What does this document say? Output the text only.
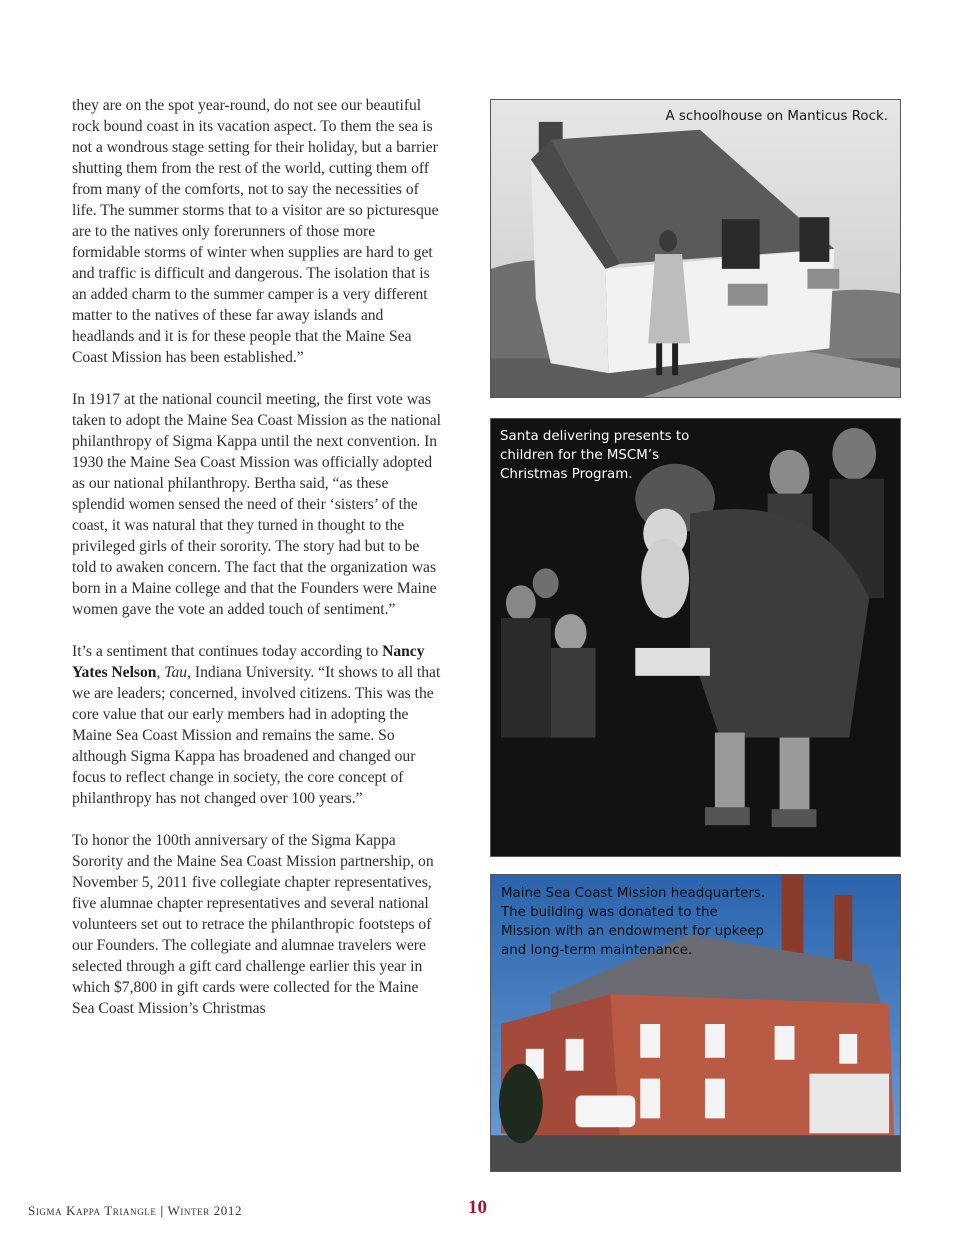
they are on the spot year-round, do not see our beautiful rock bound coast in its vacation aspect. To them the sea is not a wondrous stage setting for their holiday, but a barrier shutting them from the rest of the world, cutting them off from many of the comforts, not to say the necessities of life. The summer storms that to a visitor are so picturesque are to the natives only forerunners of those more formidable storms of winter when supplies are hard to get and traffic is difficult and dangerous. The isolation that is an added charm to the summer camper is a very different matter to the natives of these far away islands and headlands and it is for these people that the Maine Sea Coast Mission has been established.”

In 1917 at the national council meeting, the first vote was taken to adopt the Maine Sea Coast Mission as the national philanthropy of Sigma Kappa until the next convention. In 1930 the Maine Sea Coast Mission was officially adopted as our national philanthropy. Bertha said, “as these splendid women sensed the need of their ‘sisters’ of the coast, it was natural that they turned in thought to the privileged girls of their sorority. The story had but to be told to awaken concern. The fact that the organization was born in a Maine college and that the Founders were Maine women gave the vote an added touch of sentiment.”

It’s a sentiment that continues today according to Nancy Yates Nelson, Tau, Indiana University. “It shows to all that we are leaders; concerned, involved citizens. This was the core value that our early members had in adopting the Maine Sea Coast Mission and remains the same. So although Sigma Kappa has broadened and changed our focus to reflect change in society, the core concept of philanthropy has not changed over 100 years.”

To honor the 100th anniversary of the Sigma Kappa Sorority and the Maine Sea Coast Mission partnership, on November 5, 2011 five collegiate chapter representatives, five alumnae chapter representatives and several national volunteers set out to retrace the philanthropic footsteps of our Founders. The collegiate and alumnae travelers were selected through a gift card challenge earlier this year in which $7,800 in gift cards were collected for the Maine Sea Coast Mission’s Christmas

A schoolhouse on Manticus Rock.
Santa delivering presents to children for the MSCM’s Christmas Program.
Maine Sea Coast Mission headquarters. The building was donated to the Mission with an endowment for upkeep and long-term maintenance.
Sigma Kappa Triangle | Winter 2012	10
